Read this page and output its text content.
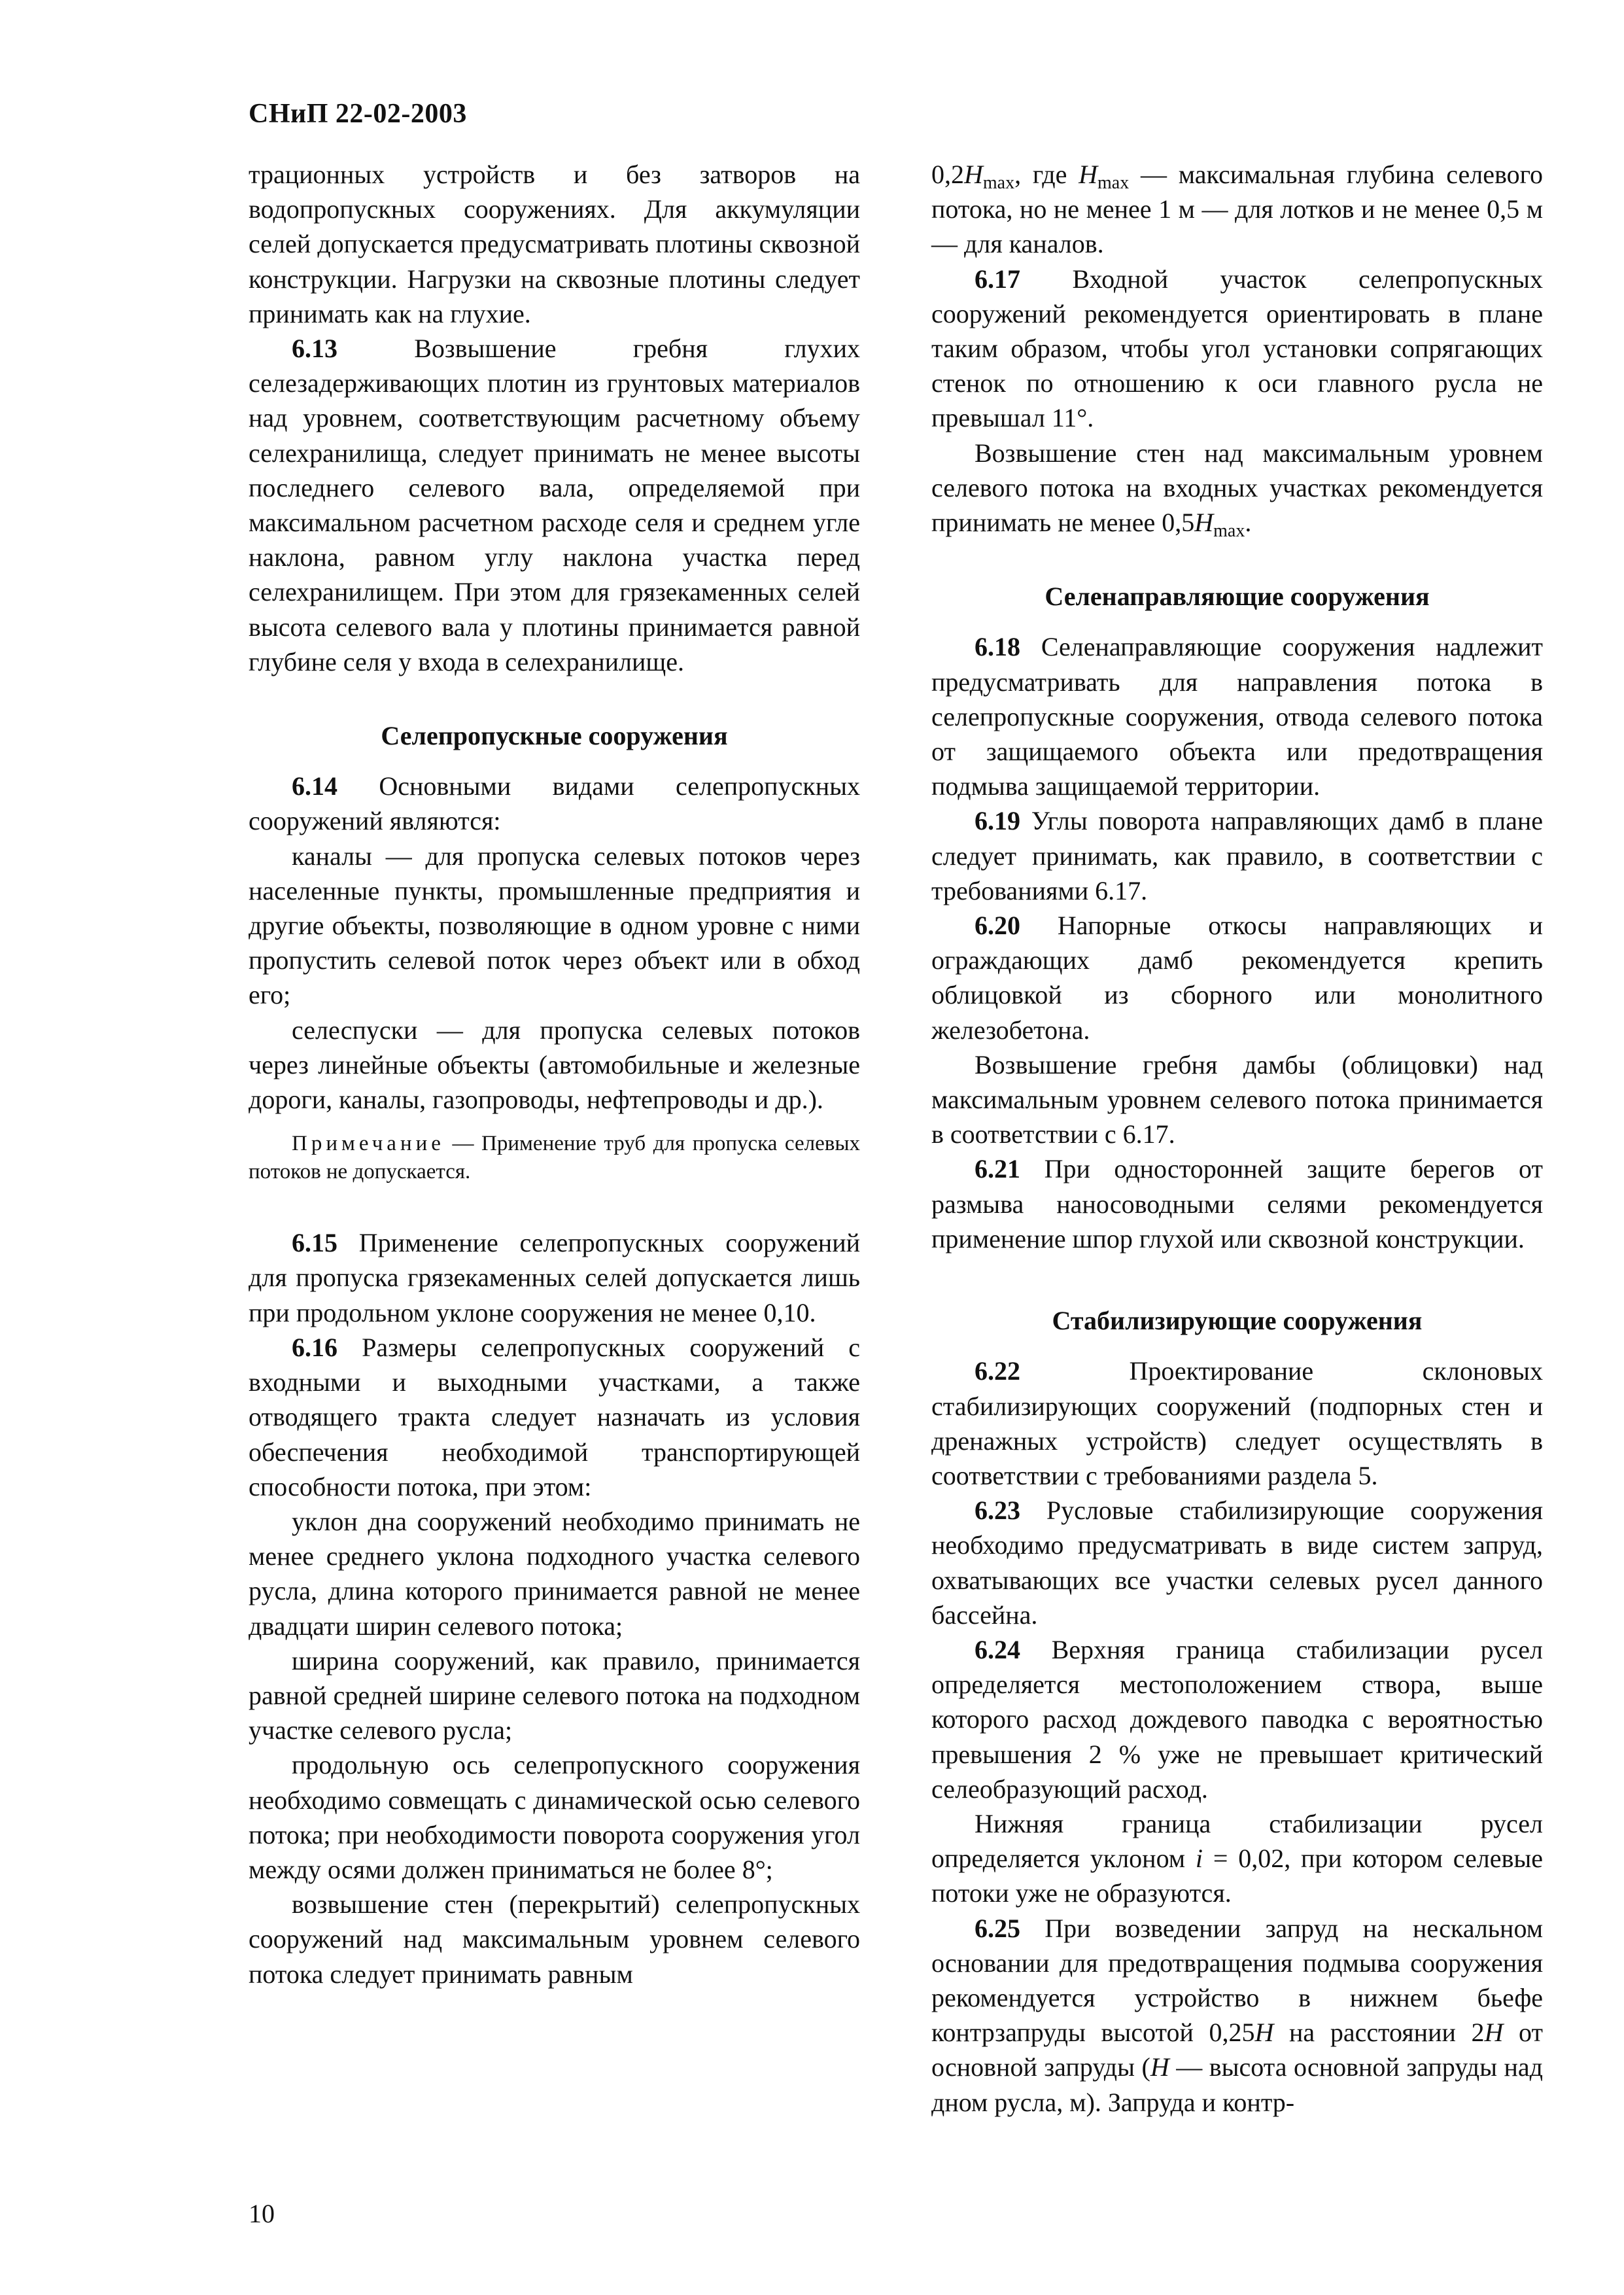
СНиП 22-02-2003

трационных устройств и без затворов на водопропускных сооружениях. Для аккумуляции селей допускается предусматривать плотины сквозной конструкции. Нагрузки на сквозные плотины следует принимать как на глухие.

6.13 Возвышение гребня глухих селезадерживающих плотин из грунтовых материалов над уровнем, соответствующим расчетному объему селехранилища, следует принимать не менее высоты последнего селевого вала, определяемой при максимальном расчетном расходе селя и среднем угле наклона, равном углу наклона участка перед селехранилищем. При этом для грязекаменных селей высота селевого вала у плотины принимается равной глубине селя у входа в селехранилище.

Селепропускные сооружения

6.14 Основными видами селепропускных сооружений являются:

каналы — для пропуска селевых потоков через населенные пункты, промышленные предприятия и другие объекты, позволяющие в одном уровне с ними пропустить селевой поток через объект или в обход его;

селеспуски — для пропуска селевых потоков через линейные объекты (автомобильные и железные дороги, каналы, газопроводы, нефтепроводы и др.).

Примечание — Применение труб для пропуска селевых потоков не допускается.

6.15 Применение селепропускных сооружений для пропуска грязекаменных селей допускается лишь при продольном уклоне сооружения не менее 0,10.

6.16 Размеры селепропускных сооружений с входными и выходными участками, а также отводящего тракта следует назначать из условия обеспечения необходимой транспортирующей способности потока, при этом:

уклон дна сооружений необходимо принимать не менее среднего уклона подходного участка селевого русла, длина которого принимается равной не менее двадцати ширин селевого потока;

ширина сооружений, как правило, принимается равной средней ширине селевого потока на подходном участке селевого русла;

продольную ось селепропускного сооружения необходимо совмещать с динамической осью селевого потока; при необходимости поворота сооружения угол между осями должен приниматься не более 8°;

возвышение стен (перекрытий) селепропускных сооружений над максимальным уровнем селевого потока следует принимать равным

$0,2H_{max}$, где $H_{max}$ — максимальная глубина селевого потока, но не менее 1 м — для лотков и не менее 0,5 м — для каналов.

6.17 Входной участок селепропускных сооружений рекомендуется ориентировать в плане таким образом, чтобы угол установки сопрягающих стенок по отношению к оси главного русла не превышал 11°.

Возвышение стен над максимальным уровнем селевого потока на входных участках рекомендуется принимать не менее $0,5H_{max}$.

Селенаправляющие сооружения

6.18 Селенаправляющие сооружения надлежит предусматривать для направления потока в селепропускные сооружения, отвода селевого потока от защищаемого объекта или предотвращения подмыва защищаемой территории.

6.19 Углы поворота направляющих дамб в плане следует принимать, как правило, в соответствии с требованиями 6.17.

6.20 Напорные откосы направляющих и ограждающих дамб рекомендуется крепить облицовкой из сборного или монолитного железобетона.

Возвышение гребня дамбы (облицовки) над максимальным уровнем селевого потока принимается в соответствии с 6.17.

6.21 При односторонней защите берегов от размыва наносоводными селями рекомендуется применение шпор глухой или сквозной конструкции.

Стабилизирующие сооружения

6.22 Проектирование склоновых стабилизирующих сооружений (подпорных стен и дренажных устройств) следует осуществлять в соответствии с требованиями раздела 5.

6.23 Русловые стабилизирующие сооружения необходимо предусматривать в виде систем запруд, охватывающих все участки селевых русел данного бассейна.

6.24 Верхняя граница стабилизации русел определяется местоположением створа, выше которого расход дождевого паводка с вероятностью превышения 2 % уже не превышает критический селеобразующий расход.

Нижняя граница стабилизации русел определяется уклоном i = 0,02, при котором селевые потоки уже не образуются.

6.25 При возведении запруд на нескальном основании для предотвращения подмыва сооружения рекомендуется устройство в нижнем бьефе контрзапруды высотой 0,25H на расстоянии 2H от основной запруды (H — высота основной запруды над дном русла, м). Запруда и контр-

10
